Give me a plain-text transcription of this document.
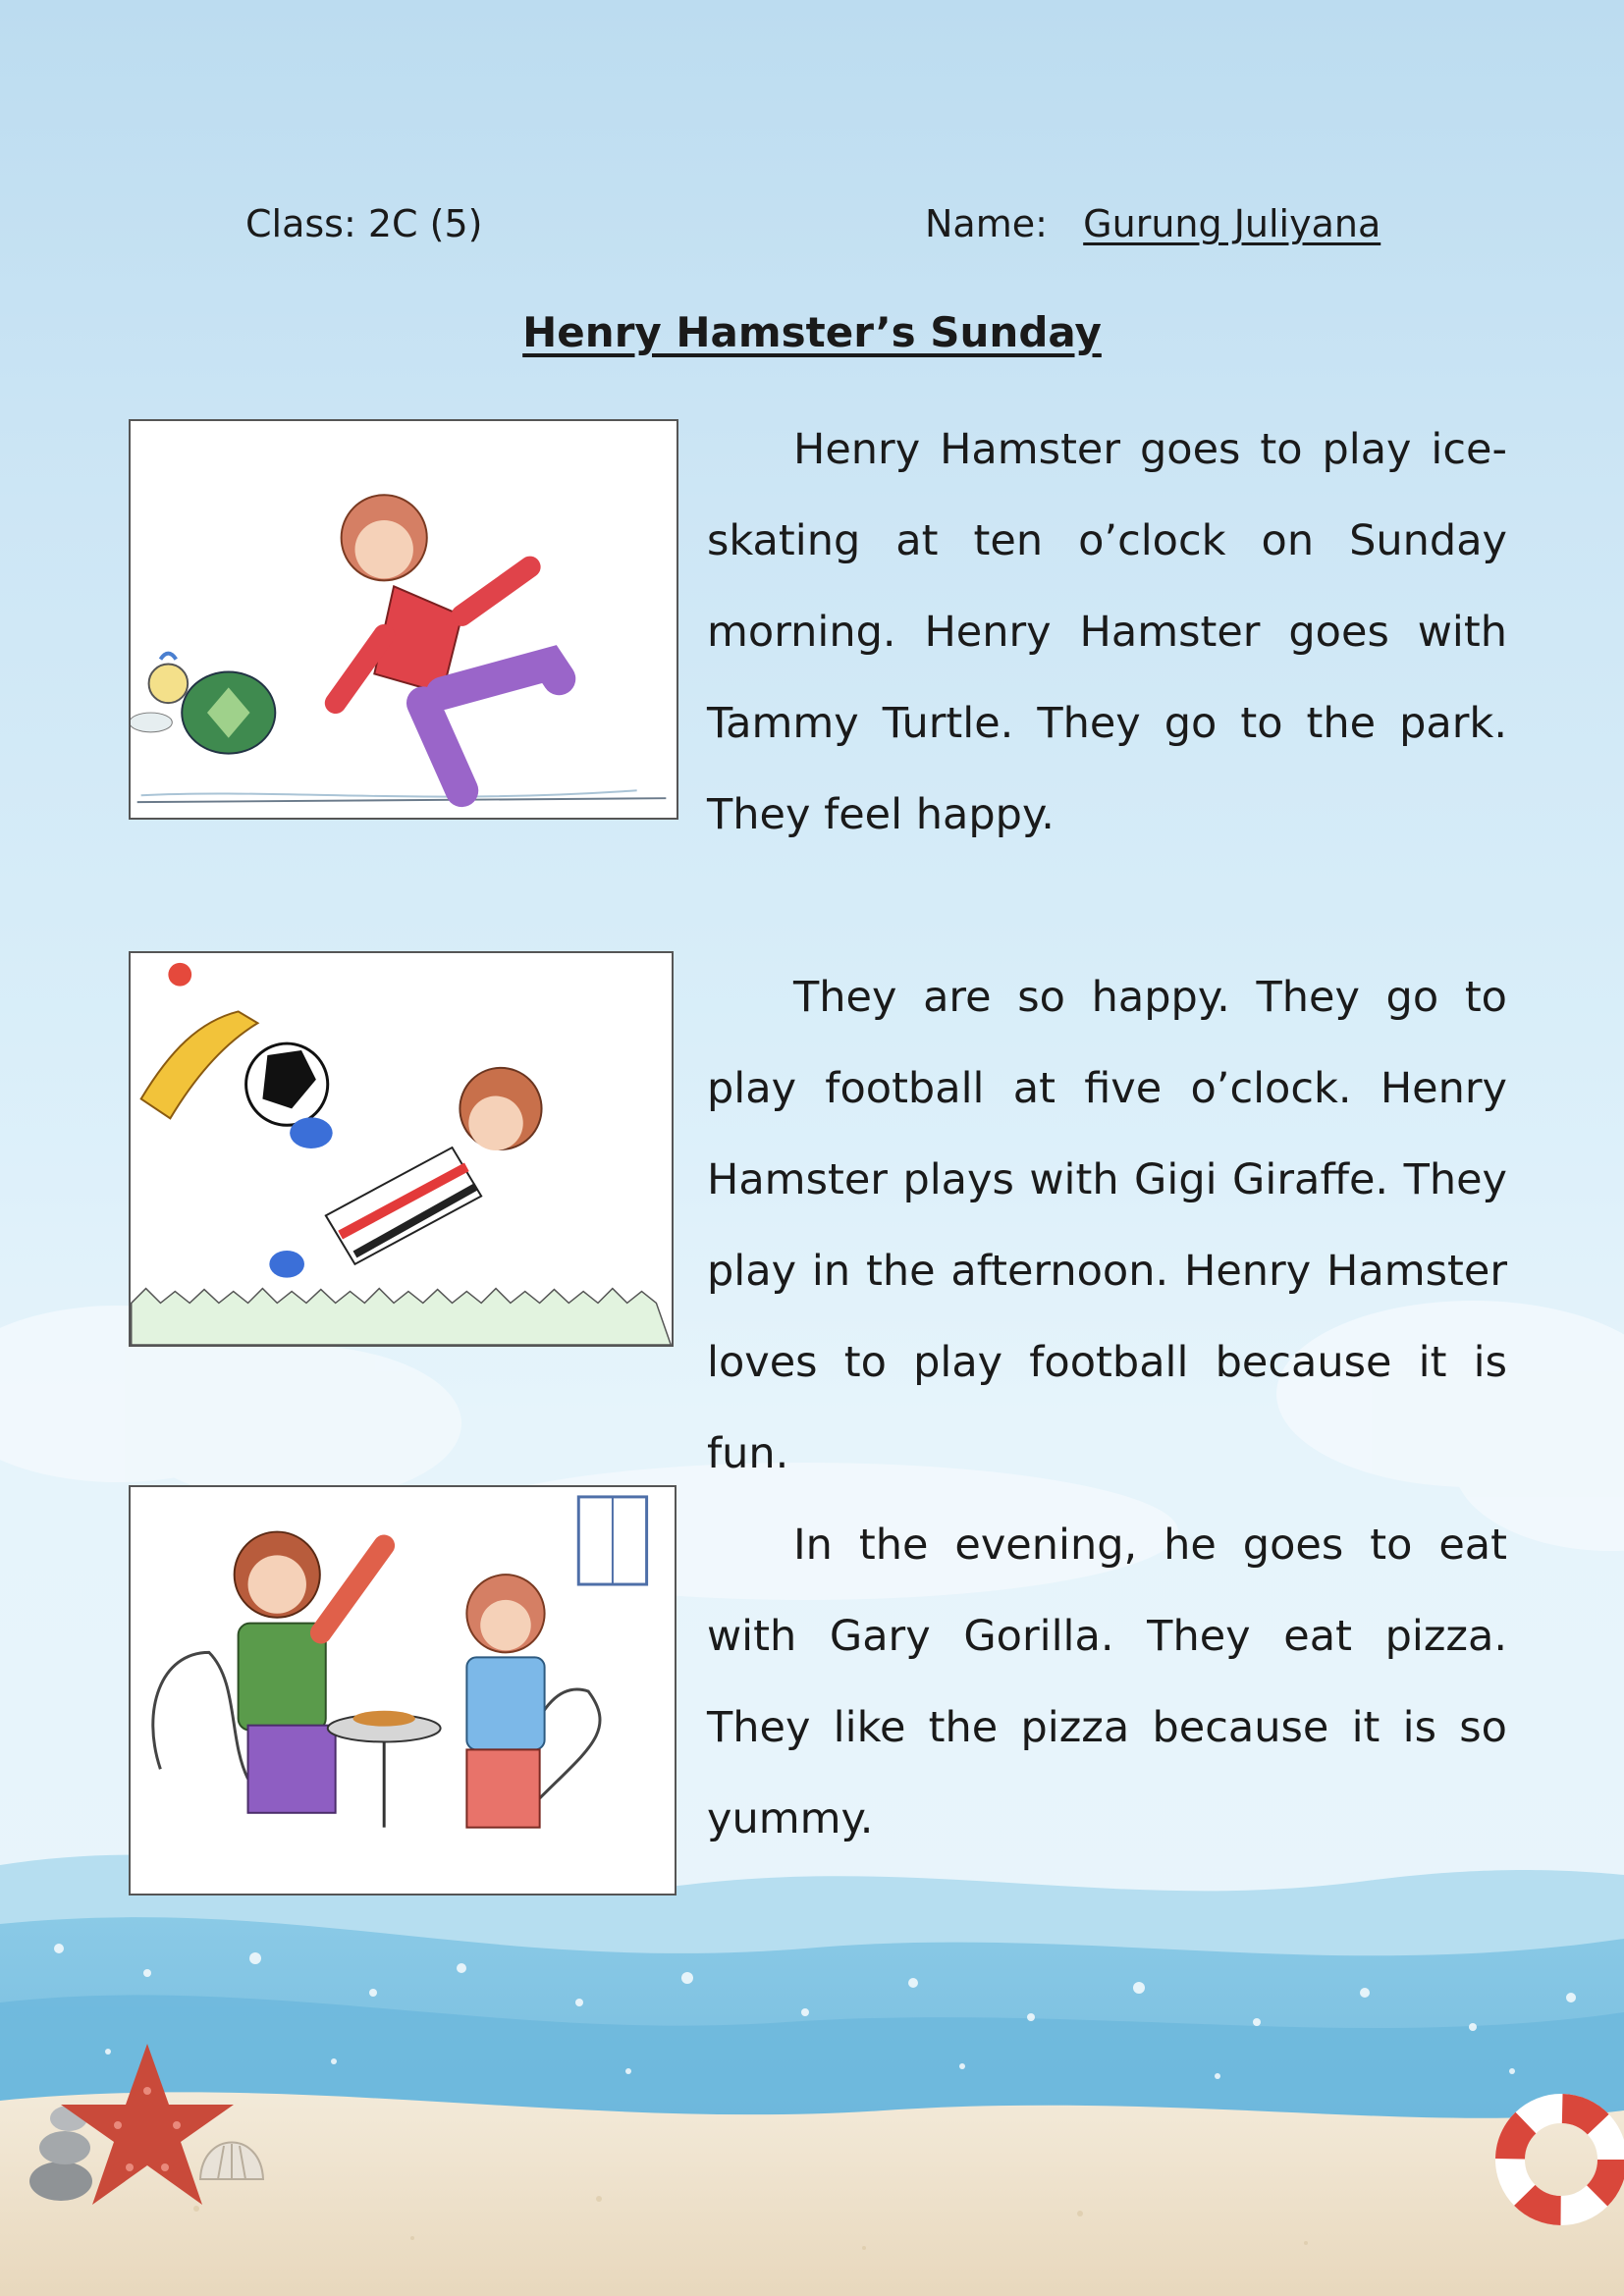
Class: 2C (5)	Name: Gurung Juliyana
Henry Hamster’s Sunday

Henry Hamster goes to play ice-skating at ten o’clock on Sunday morning. Henry Hamster goes with Tammy Turtle. They go to the park. They feel happy.

They are so happy. They go to play football at five o’clock. Henry Hamster plays with Gigi Giraffe. They play in the afternoon. Henry Hamster loves to play football because it is fun.

In the evening, he goes to eat with Gary Gorilla. They eat pizza. They like the pizza because it is so yummy.
